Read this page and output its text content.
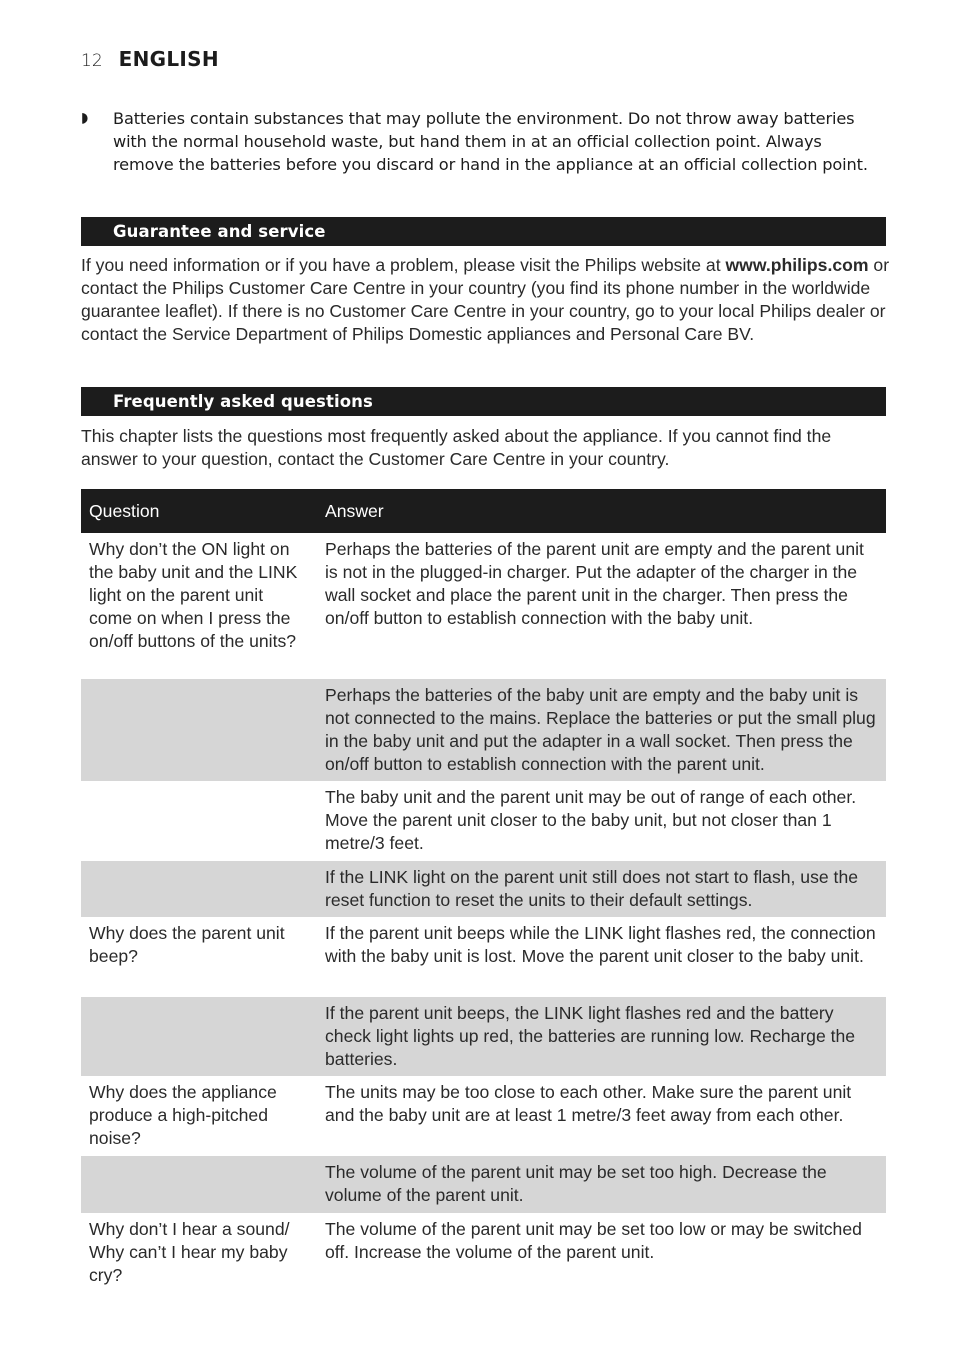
12 ENGLISH
◗	Batteries contain substances that may pollute the environment. Do not throw away batteries with the normal household waste, but hand them in at an official collection point. Always remove the batteries before you discard or hand in the appliance at an official collection point.
Guarantee and service
If you need information or if you have a problem, please visit the Philips website at www.philips.com or contact the Philips Customer Care Centre in your country (you find its phone number in the worldwide guarantee leaflet). If there is no Customer Care Centre in your country, go to your local Philips dealer or contact the Service Department of Philips Domestic appliances and Personal Care BV.
Frequently asked questions
This chapter lists the questions most frequently asked about the appliance. If you cannot find the answer to your question, contact the Customer Care Centre in your country.
Question	Answer
Why don’t the ON light on the baby unit and the LINK light on the parent unit come on when I press the on/off buttons of the units?
Perhaps the batteries of the parent unit are empty and the parent unit is not in the plugged-in charger. Put the adapter of the charger in the wall socket and place the parent unit in the charger. Then press the on/off button to establish connection with the baby unit.
Perhaps the batteries of the baby unit are empty and the baby unit is not connected to the mains. Replace the batteries or put the small plug in the baby unit and put the adapter in a wall socket. Then press the on/off button to establish connection with the parent unit.
The baby unit and the parent unit may be out of range of each other. Move the parent unit closer to the baby unit, but not closer than 1 metre/3 feet.
If the LINK light on the parent unit still does not start to flash, use the reset function to reset the units to their default settings.
Why does the parent unit beep?
If the parent unit beeps while the LINK light flashes red, the connection with the baby unit is lost. Move the parent unit closer to the baby unit.
If the parent unit beeps, the LINK light flashes red and the battery check light lights up red, the batteries are running low. Recharge the batteries.
Why does the appliance produce a high-pitched noise?
The units may be too close to each other. Make sure the parent unit and the baby unit are at least 1 metre/3 feet away from each other.
The volume of the parent unit may be set too high. Decrease the volume of the parent unit.
Why don’t I hear a sound/ Why can’t I hear my baby cry?
The volume of the parent unit may be set too low or may be switched off. Increase the volume of the parent unit.
